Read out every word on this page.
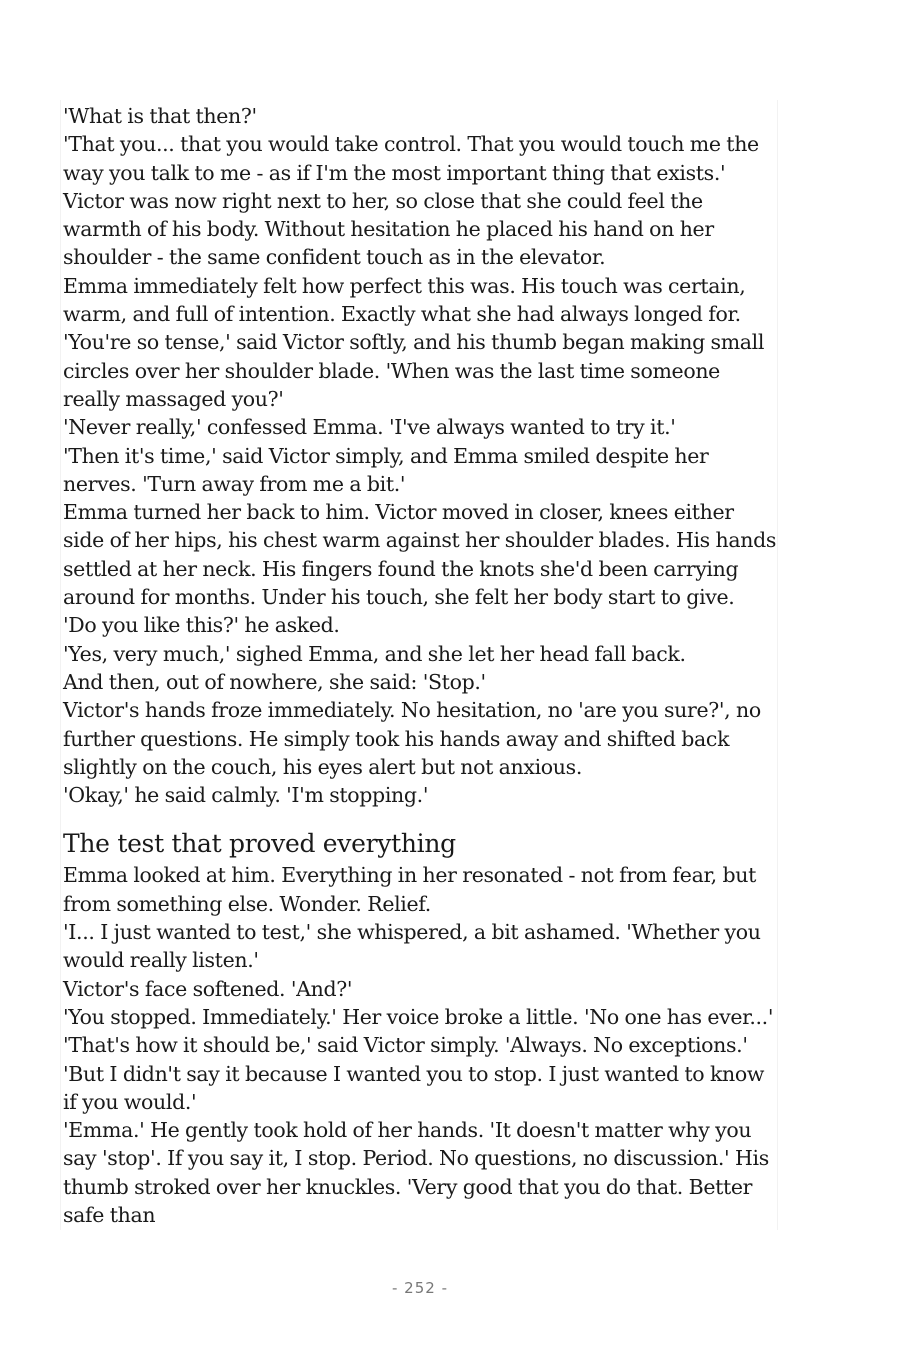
'What is that then?'

'That you... that you would take control. That you would touch me the way you talk to me - as if I'm the most important thing that exists.'

Victor was now right next to her, so close that she could feel the warmth of his body. Without hesitation he placed his hand on her shoulder - the same confident touch as in the elevator.

Emma immediately felt how perfect this was. His touch was certain, warm, and full of intention. Exactly what she had always longed for.

'You're so tense,' said Victor softly, and his thumb began making small circles over her shoulder blade. 'When was the last time someone really massaged you?'

'Never really,' confessed Emma. 'I've always wanted to try it.'

'Then it's time,' said Victor simply, and Emma smiled despite her nerves. 'Turn away from me a bit.'

Emma turned her back to him. Victor moved in closer, knees either side of her hips, his chest warm against her shoulder blades. His hands settled at her neck. His fingers found the knots she'd been carrying around for months. Under his touch, she felt her body start to give.

'Do you like this?' he asked.

'Yes, very much,' sighed Emma, and she let her head fall back.

And then, out of nowhere, she said: 'Stop.'

Victor's hands froze immediately. No hesitation, no 'are you sure?', no further questions. He simply took his hands away and shifted back slightly on the couch, his eyes alert but not anxious.

'Okay,' he said calmly. 'I'm stopping.'

The test that proved everything

Emma looked at him. Everything in her resonated - not from fear, but from something else. Wonder. Relief.

'I... I just wanted to test,' she whispered, a bit ashamed. 'Whether you would really listen.'

Victor's face softened. 'And?'

'You stopped. Immediately.' Her voice broke a little. 'No one has ever...'

'That's how it should be,' said Victor simply. 'Always. No exceptions.'

'But I didn't say it because I wanted you to stop. I just wanted to know if you would.'

'Emma.' He gently took hold of her hands. 'It doesn't matter why you say 'stop'. If you say it, I stop. Period. No questions, no discussion.' His thumb stroked over her knuckles. 'Very good that you do that. Better safe than

- 252 -
